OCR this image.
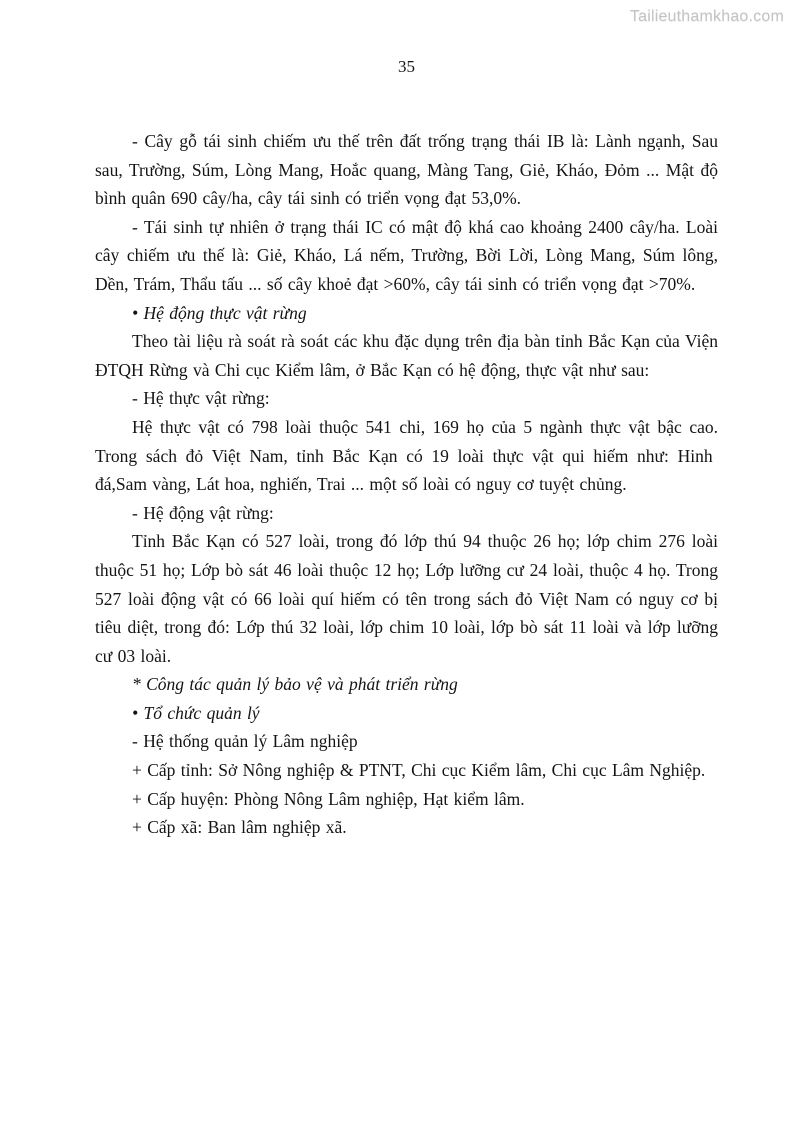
Tailieuthamkhao.com
35

- Cây gỗ tái sinh chiếm ưu thế trên đất trống trạng thái IB là: Lành ngạnh, Sau sau, Trường, Súm, Lòng Mang, Hoắc quang, Màng Tang, Giẻ, Kháo, Đỏm ... Mật độ bình quân 690 cây/ha, cây tái sinh có triển vọng đạt 53,0%.

- Tái sinh tự nhiên ở trạng thái IC có mật độ khá cao khoảng 2400 cây/ha. Loài cây chiếm ưu thế là: Giẻ, Kháo, Lá nếm, Trường, Bời Lời, Lòng Mang, Súm lông, Dền, Trám, Thẩu tấu ... số cây khoẻ đạt >60%, cây tái sinh có triển vọng đạt >70%.

• Hệ động thực vật rừng

Theo tài liệu rà soát rà soát các khu đặc dụng trên địa bàn tỉnh Bắc Kạn của Viện ĐTQH Rừng và Chi cục Kiểm lâm, ở Bắc Kạn có hệ động, thực vật như sau:

- Hệ thực vật rừng:

Hệ thực vật có 798 loài thuộc 541 chi, 169 họ của 5 ngành thực vật bậc cao. Trong sách đỏ Việt Nam, tỉnh Bắc Kạn có 19 loài thực vật qui hiếm như: Hinh  đá,Sam vàng, Lát hoa, nghiến, Trai ... một số loài có nguy cơ tuyệt chủng.

- Hệ động vật rừng:

Tỉnh Bắc Kạn có 527 loài, trong đó lớp thú 94 thuộc 26 họ; lớp chim 276 loài thuộc 51 họ; Lớp bò sát 46 loài thuộc 12 họ; Lớp lưỡng cư 24 loài, thuộc 4 họ. Trong 527 loài động vật có 66 loài quí hiếm có tên trong sách đỏ Việt Nam có nguy cơ bị tiêu diệt, trong đó: Lớp thú 32 loài, lớp chim 10 loài, lớp bò sát 11 loài và lớp lưỡng cư 03 loài.

* Công tác quản lý bảo vệ và phát triển rừng

• Tổ chức quản lý

- Hệ thống quản lý Lâm nghiệp

+ Cấp tỉnh: Sở Nông nghiệp & PTNT, Chi cục Kiểm lâm, Chi cục Lâm Nghiệp.

+ Cấp huyện: Phòng Nông Lâm nghiệp, Hạt kiểm lâm.

+ Cấp xã: Ban lâm nghiệp xã.
